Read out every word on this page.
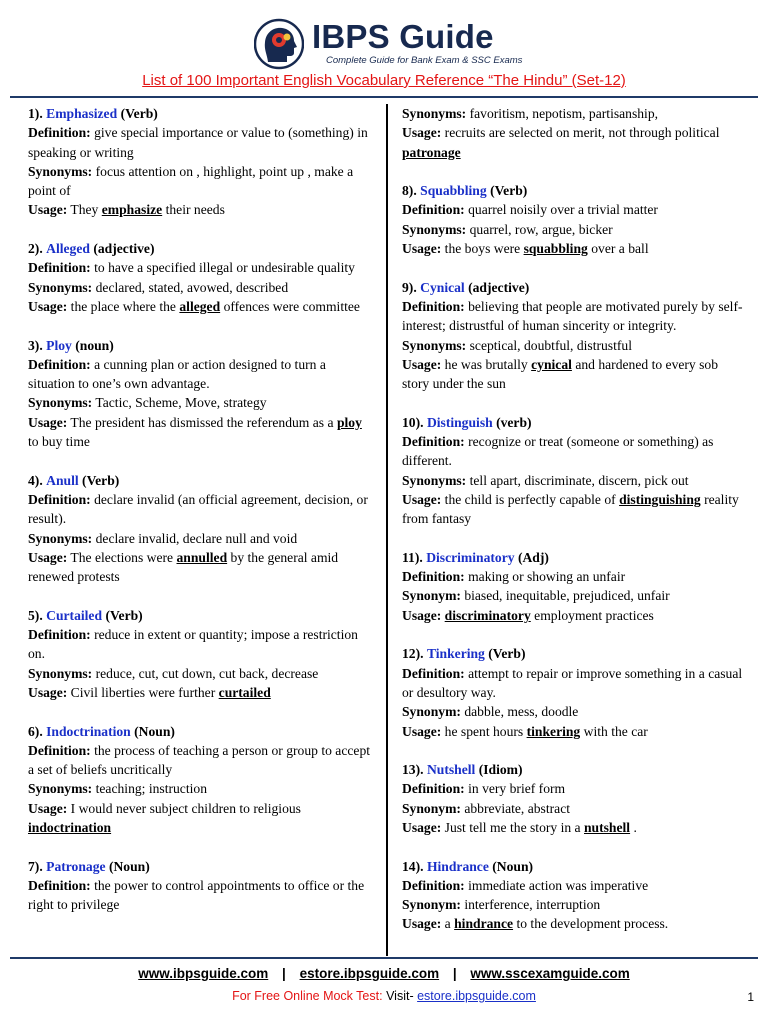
IBPS Guide
Complete Guide for Bank Exam & SSC Exams
List of 100 Important English Vocabulary Reference “The Hindu” (Set-12)

1). Emphasized (Verb)

Definition: give special importance or value to (something) in speaking or writing

Synonyms: focus attention on , highlight, point up , make a point of

Usage: They emphasize their needs

2). Alleged (adjective)

Definition: to have a specified illegal or undesirable quality

Synonyms: declared, stated, avowed, described

Usage: the place where the alleged offences were committee

3). Ploy (noun)

Definition: a cunning plan or action designed to turn a situation to one’s own advantage.

Synonyms: Tactic, Scheme, Move, strategy

Usage: The president has dismissed the referendum as a ploy to buy time

4). Anull (Verb)

Definition: declare invalid (an official agreement, decision, or result).

Synonyms: declare invalid, declare null and void

Usage: The elections were annulled by the general amid renewed protests

5). Curtailed (Verb)

Definition: reduce in extent or quantity; impose a restriction on.

Synonyms: reduce, cut, cut down, cut back, decrease

Usage: Civil liberties were further curtailed

6). Indoctrination (Noun)

Definition: the process of teaching a person or group to accept a set of beliefs uncritically

Synonyms: teaching; instruction

Usage: I would never subject children to religious indoctrination

7). Patronage (Noun)

Definition: the power to control appointments to office or the right to privilege

Synonyms: favoritism, nepotism, partisanship,

Usage: recruits are selected on merit, not through political patronage

8). Squabbling (Verb)

Definition: quarrel noisily over a trivial matter

Synonyms: quarrel, row, argue, bicker

Usage: the boys were squabbling over a ball

9). Cynical (adjective)

Definition: believing that people are motivated purely by self-interest; distrustful of human sincerity or integrity.

Synonyms: sceptical, doubtful, distrustful

Usage: he was brutally cynical and hardened to every sob story under the sun

10). Distinguish (verb)

Definition: recognize or treat (someone or something) as different.

Synonyms: tell apart, discriminate, discern, pick out

Usage: the child is perfectly capable of distinguishing reality from fantasy

11). Discriminatory (Adj)

Definition: making or showing an unfair

Synonym: biased, inequitable, prejudiced, unfair

Usage: discriminatory employment practices

12). Tinkering (Verb)

Definition: attempt to repair or improve something in a casual or desultory way.

Synonym: dabble, mess, doodle

Usage: he spent hours tinkering with the car

13). Nutshell (Idiom)

Definition: in very brief form

Synonym: abbreviate, abstract

Usage: Just tell me the story in a nutshell .

14). Hindrance (Noun)

Definition: immediate action was imperative

Synonym: interference, interruption

Usage: a hindrance to the development process.

www.ibpsguide.com | estore.ibpsguide.com | www.sscexamguide.com
For Free Online Mock Test: Visit- estore.ibpsguide.com	1
